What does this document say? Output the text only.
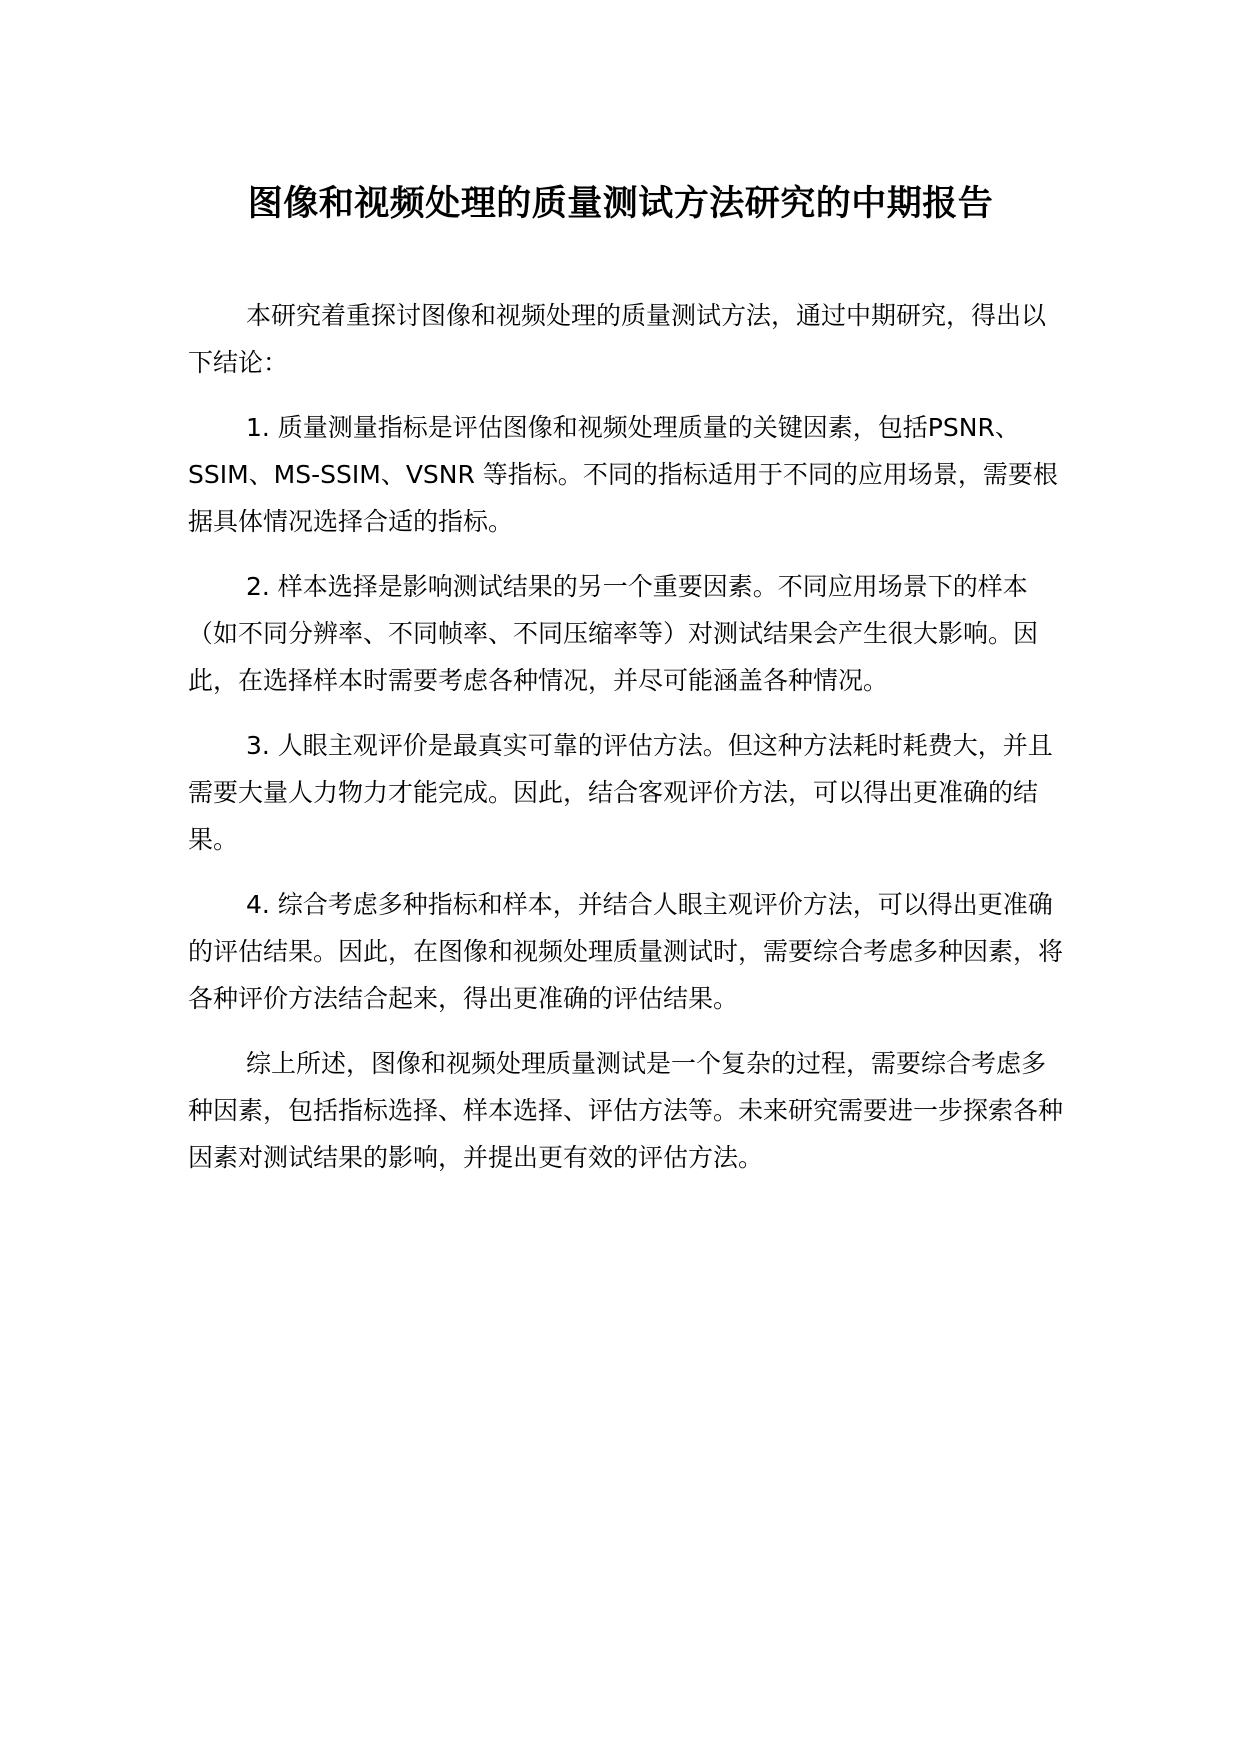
图像和视频处理的质量测试方法研究的中期报告

本研究着重探讨图像和视频处理的质量测试方法，通过中期研究，得出以下结论：

1. 质量测量指标是评估图像和视频处理质量的关键因素，包括PSNR、SSIM、MS-SSIM、VSNR 等指标。不同的指标适用于不同的应用场景，需要根据具体情况选择合适的指标。

2. 样本选择是影响测试结果的另一个重要因素。不同应用场景下的样本（如不同分辨率、不同帧率、不同压缩率等）对测试结果会产生很大影响。因此，在选择样本时需要考虑各种情况，并尽可能涵盖各种情况。

3. 人眼主观评价是最真实可靠的评估方法。但这种方法耗时耗费大，并且需要大量人力物力才能完成。因此，结合客观评价方法，可以得出更准确的结果。

4. 综合考虑多种指标和样本，并结合人眼主观评价方法，可以得出更准确的评估结果。因此，在图像和视频处理质量测试时，需要综合考虑多种因素，将各种评价方法结合起来，得出更准确的评估结果。

综上所述，图像和视频处理质量测试是一个复杂的过程，需要综合考虑多种因素，包括指标选择、样本选择、评估方法等。未来研究需要进一步探索各种因素对测试结果的影响，并提出更有效的评估方法。
